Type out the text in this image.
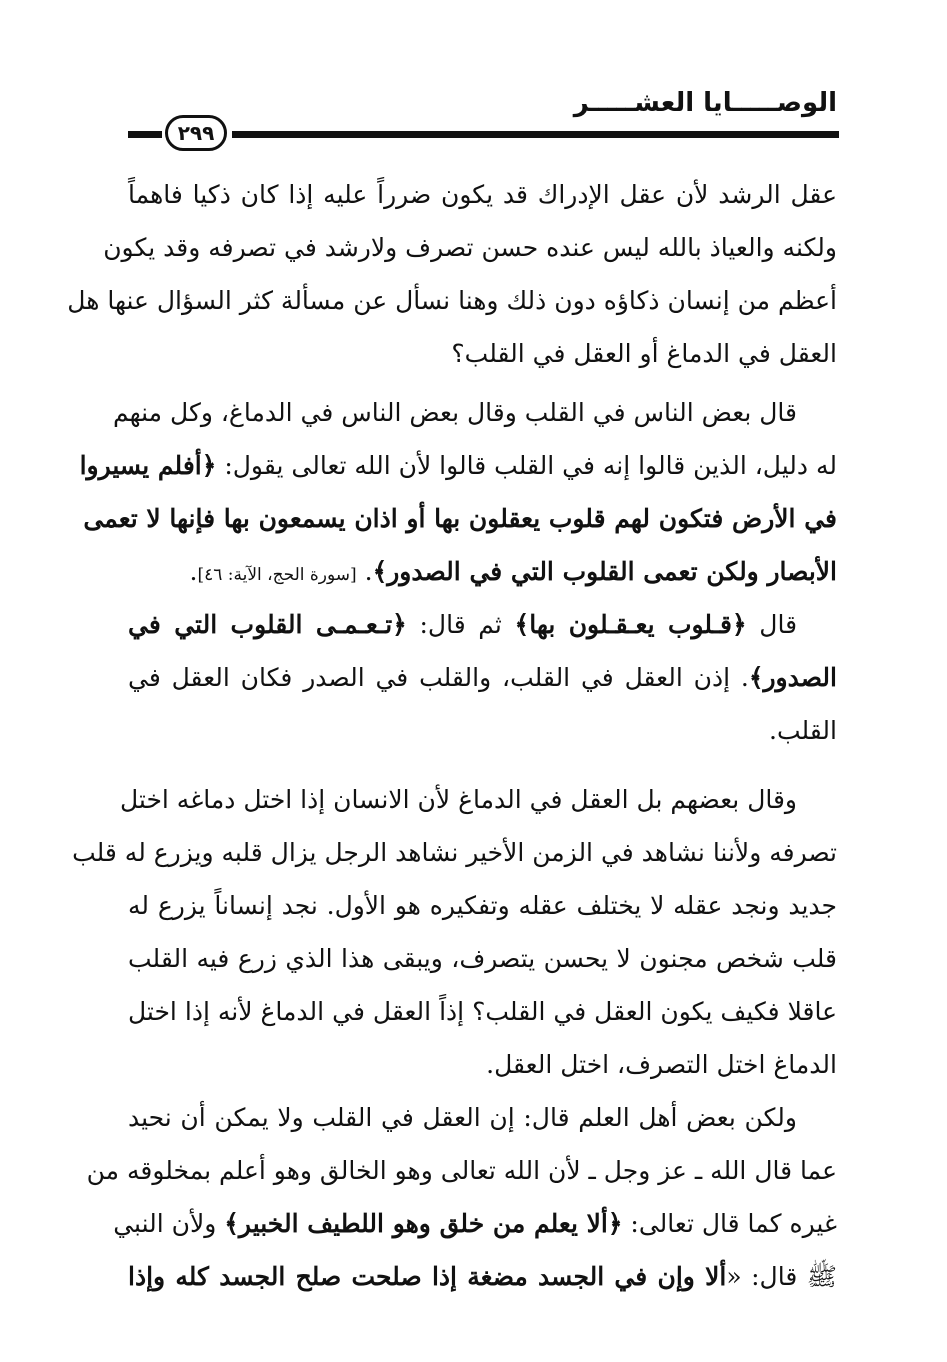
الوصـــــايا العشـــــر
٢٩٩
عقل الرشد لأن عقل الإدراك قد يكون ضرراً عليه إذا كان ذكيا فاهماً
ولكنه والعياذ بالله ليس عنده حسن تصرف ولارشد في تصرفه وقد يكون
أعظم من إنسان ذكاؤه دون ذلك وهنا نسأل عن مسألة كثر السؤال عنها هل
العقل في الدماغ أو العقل في القلب؟
قال بعض الناس في القلب وقال بعض الناس في الدماغ، وكل منهم
له دليل، الذين قالوا إنه في القلب قالوا لأن الله تعالى يقول: ﴿أفلم يسيروا
في الأرض فتكون لهم قلوب يعقلون بها أو اذان يسمعون بها فإنها لا تعمى
الأبصار ولكن تعمى القلوب التي في الصدور﴾. [سورة الحج، الآية: ٤٦].
قال ﴿قـلوب يعـقـلون بها﴾ ثم قال: ﴿تـعـمـى القلوب التي في
الصدور﴾. إذن العقل في القلب، والقلب في الصدر فكان العقل في
القلب.
وقال بعضهم بل العقل في الدماغ لأن الانسان إذا اختل دماغه اختل
تصرفه ولأننا نشاهد في الزمن الأخير نشاهد الرجل يزال قلبه ويزرع له قلب
جديد ونجد عقله لا يختلف عقله وتفكيره هو الأول. نجد إنساناً يزرع له
قلب شخص مجنون لا يحسن يتصرف، ويبقى هذا الذي زرع فيه القلب
عاقلا فكيف يكون العقل في القلب؟ إذاً العقل في الدماغ لأنه إذا اختل
الدماغ اختل التصرف، اختل العقل.
ولكن بعض أهل العلم قال: إن العقل في القلب ولا يمكن أن نحيد
عما قال الله ـ عز وجل ـ لأن الله تعالى وهو الخالق وهو أعلم بمخلوقه من
غيره كما قال تعالى: ﴿ألا يعلم من خلق وهو اللطيف الخبير﴾ ولأن النبي
ﷺ قال: «ألا وإن في الجسد مضغة إذا صلحت صلح الجسد كله وإذا
